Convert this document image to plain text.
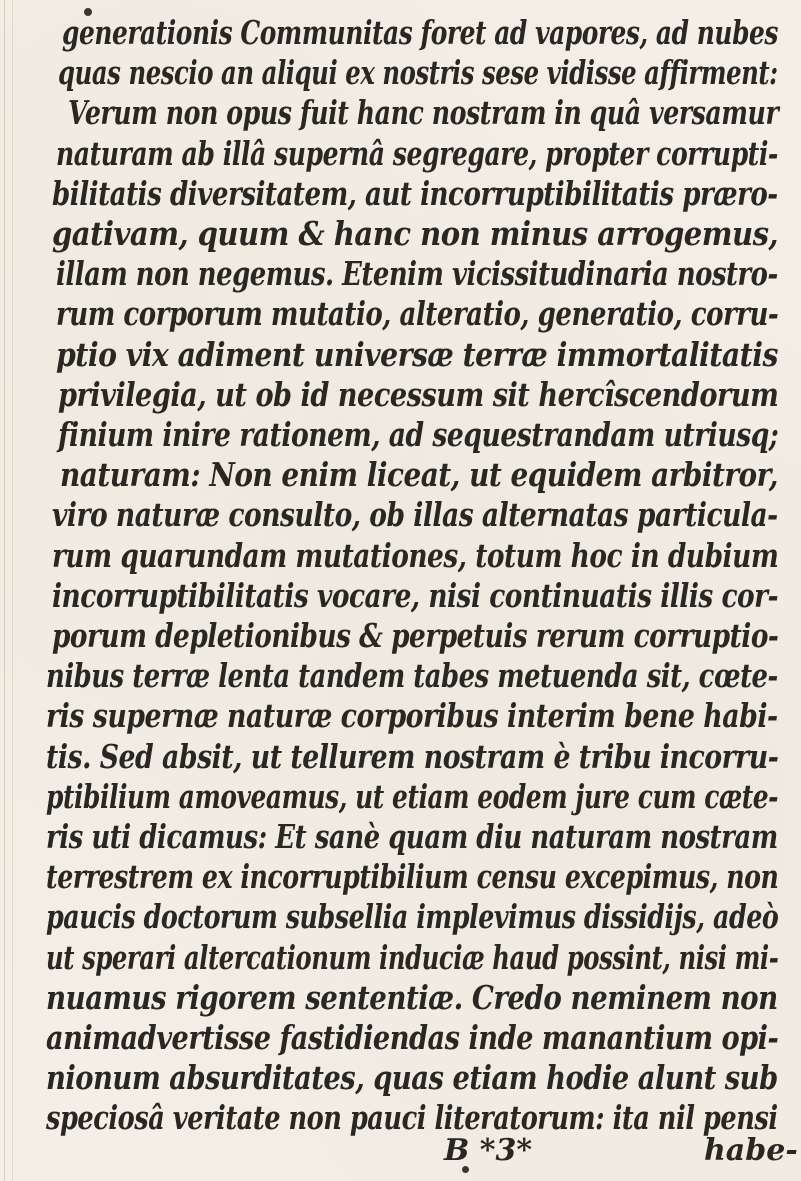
generationis Communitas foret ad vapores, ad nubes
quas nescio an aliqui ex nostris sese vidisse affirment:
Verum non opus fuit hanc nostram in quâ versamur
naturam ab illâ supernâ segregare, propter corrupti-
bilitatis diversitatem, aut incorruptibilitatis præro-
gativam, quum & hanc non minus arrogemus,
illam non negemus. Etenim vicissitudinaria nostro-
rum corporum mutatio, alteratio, generatio, corru-
ptio vix adiment universæ terræ immortalitatis
privilegia, ut ob id necessum sit hercîscendorum
finium inire rationem, ad sequestrandam utriusq;
naturam: Non enim liceat, ut equidem arbitror,
viro naturæ consulto, ob illas alternatas particula-
rum quarundam mutationes, totum hoc in dubium
incorruptibilitatis vocare, nisi continuatis illis cor-
porum depletionibus & perpetuis rerum corruptio-
nibus terræ lenta tandem tabes metuenda sit, cœte-
ris supernæ naturæ corporibus interim bene habi-
tis. Sed absit, ut tellurem nostram è tribu incorru-
ptibilium amoveamus, ut etiam eodem jure cum cæte-
ris uti dicamus: Et sanè quam diu naturam nostram
terrestrem ex incorruptibilium censu excepimus, non
paucis doctorum subsellia implevimus dissidijs, adeò
ut sperari altercationum induciæ haud possint, nisi mi-
nuamus rigorem sententiæ. Credo neminem non
animadvertisse fastidiendas inde manantium opi-
nionum absurditates, quas etiam hodie alunt sub
speciosâ veritate non pauci literatorum: ita nil pensi
B *3*	habe-
